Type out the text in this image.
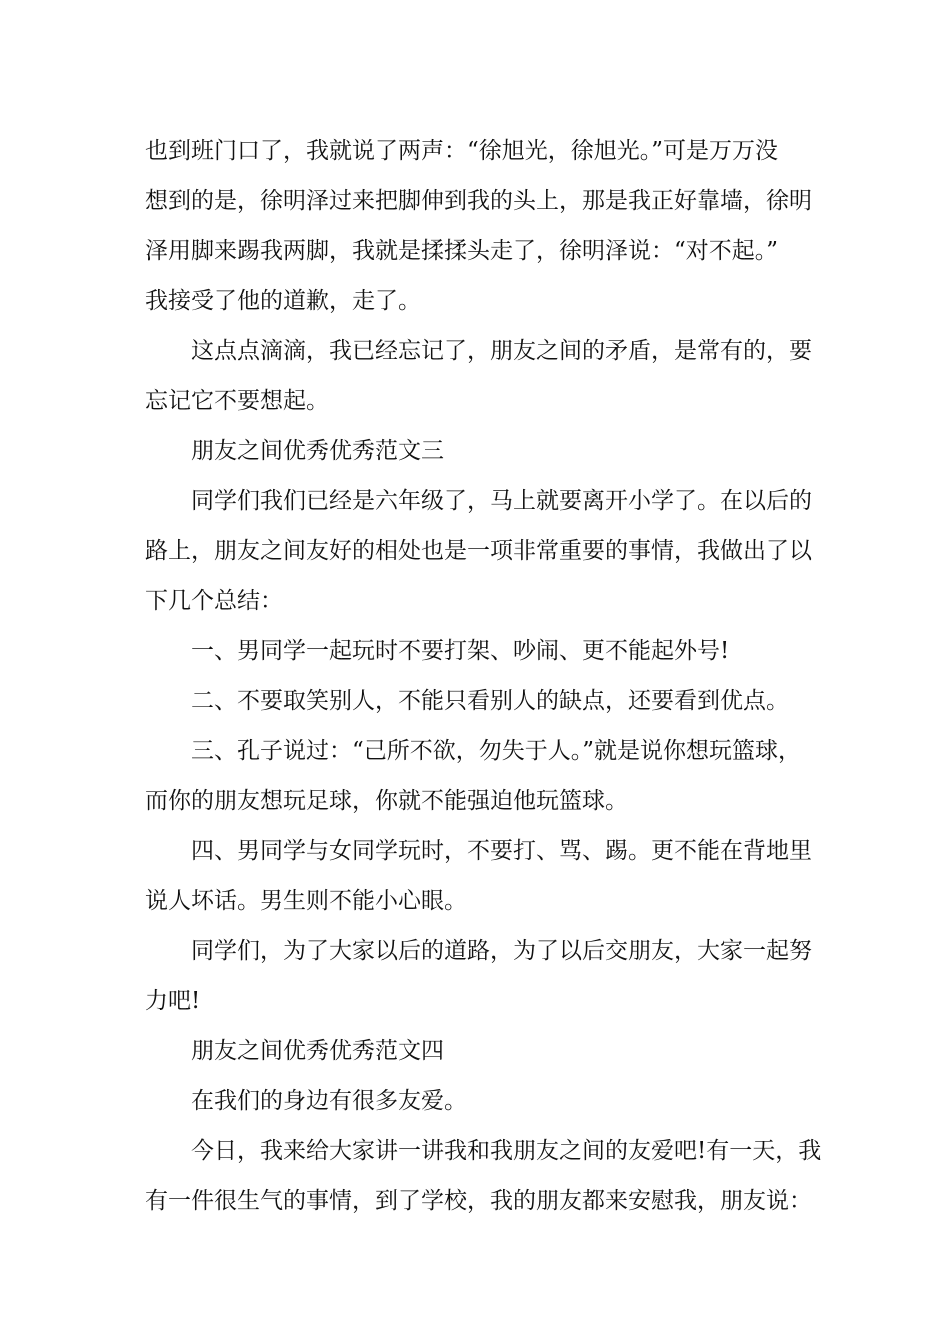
也到班门口了，我就说了两声：“徐旭光，徐旭光。”可是万万没
想到的是，徐明泽过来把脚伸到我的头上，那是我正好靠墙，徐明
泽用脚来踢我两脚，我就是揉揉头走了，徐明泽说：“对不起。”
我接受了他的道歉，走了。
这点点滴滴，我已经忘记了，朋友之间的矛盾，是常有的，要
忘记它不要想起。
朋友之间优秀优秀范文三
同学们我们已经是六年级了，马上就要离开小学了。在以后的
路上，朋友之间友好的相处也是一项非常重要的事情，我做出了以
下几个总结：
一、男同学一起玩时不要打架、吵闹、更不能起外号!
二、不要取笑别人，不能只看别人的缺点，还要看到优点。
三、孔子说过：“己所不欲，勿失于人。”就是说你想玩篮球，
而你的朋友想玩足球，你就不能强迫他玩篮球。
四、男同学与女同学玩时，不要打、骂、踢。更不能在背地里
说人坏话。男生则不能小心眼。
同学们，为了大家以后的道路，为了以后交朋友，大家一起努
力吧!
朋友之间优秀优秀范文四
在我们的身边有很多友爱。
今日，我来给大家讲一讲我和我朋友之间的友爱吧!有一天，我
有一件很生气的事情，到了学校，我的朋友都来安慰我，朋友说：
